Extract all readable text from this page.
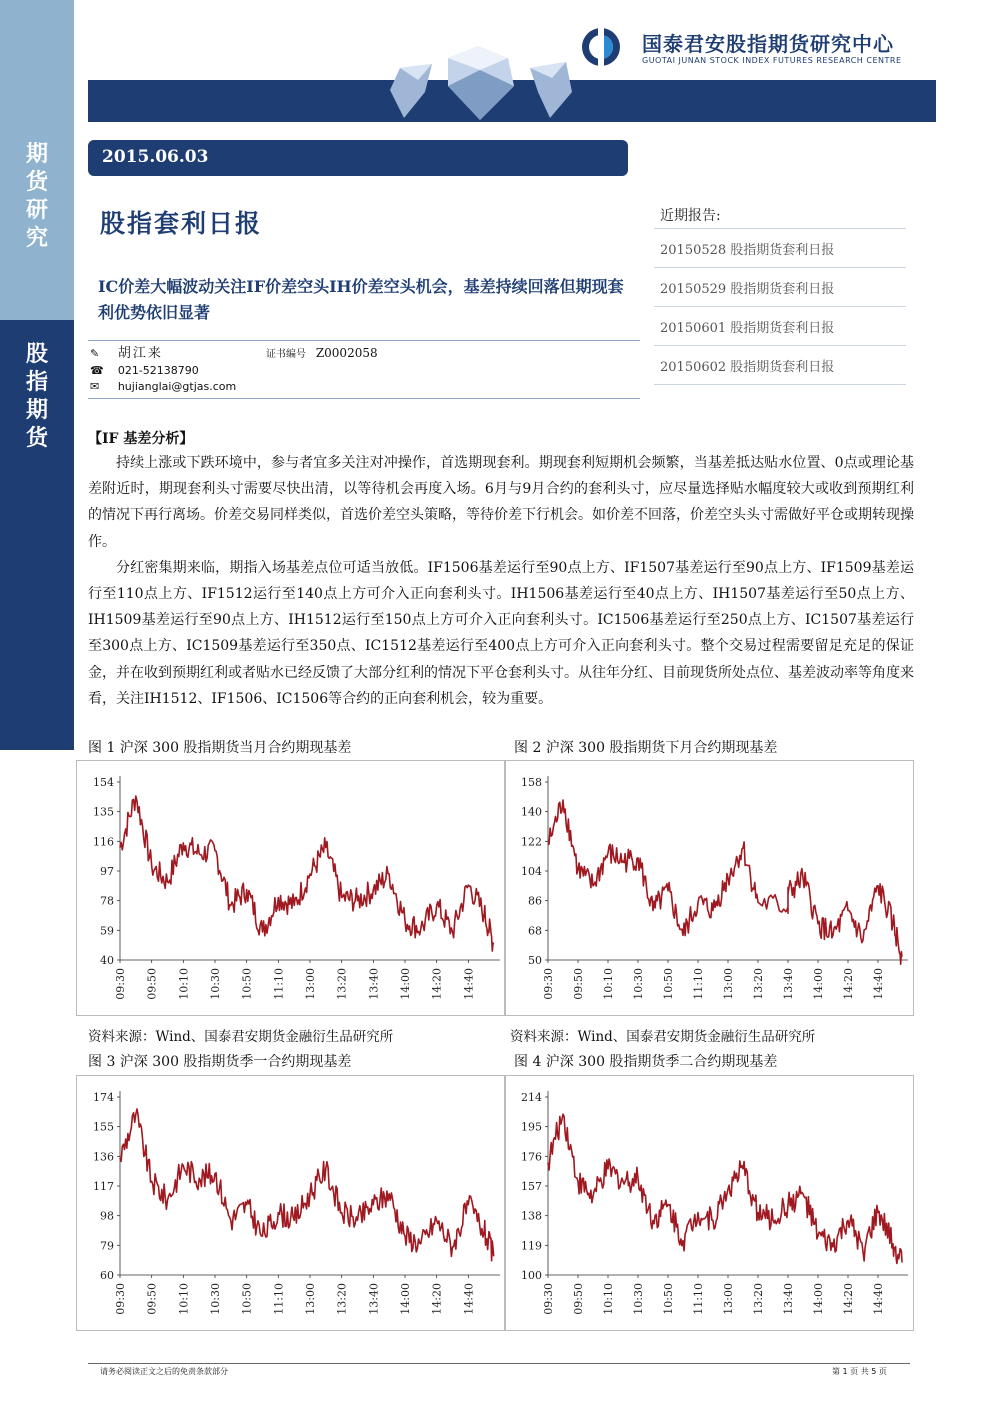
期货研究
股指期货
国泰君安股指期货研究中心
GUOTAI JUNAN STOCK INDEX FUTURES RESEARCH CENTRE
2015.06.03
股指套利日报	近期报告:
20150528 股指期货套利日报
20150529 股指期货套利日报
20150601 股指期货套利日报
20150602 股指期货套利日报
IC价差大幅波动关注IF价差空头IH价差空头机会，基差持续回落但期现套利优势依旧显著
✎ 胡江来	证书编号 Z0002058
☎ 021-52138790
✉ hujianglai@gtjas.com
【IF 基差分析】

持续上涨或下跌环境中，参与者宜多关注对冲操作，首选期现套利。期现套利短期机会频繁，当基差抵达贴水位置、0点或理论基差附近时，期现套利头寸需要尽快出清，以等待机会再度入场。6月与9月合约的套利头寸，应尽量选择贴水幅度较大或收到预期红利的情况下再行离场。价差交易同样类似，首选价差空头策略，等待价差下行机会。如价差不回落，价差空头头寸需做好平仓或期转现操作。

分红密集期来临，期指入场基差点位可适当放低。IF1506基差运行至90点上方、IF1507基差运行至90点上方、IF1509基差运行至110点上方、IF1512运行至140点上方可介入正向套利头寸。IH1506基差运行至40点上方、IH1507基差运行至50点上方、IH1509基差运行至90点上方、IH1512运行至150点上方可介入正向套利头寸。IC1506基差运行至250点上方、IC1507基差运行至300点上方、IC1509基差运行至350点、IC1512基差运行至400点上方可介入正向套利头寸。整个交易过程需要留足充足的保证金，并在收到预期红利或者贴水已经反馈了大部分红利的情况下平仓套利头寸。从往年分红、目前现货所处点位、基差波动率等角度来看，关注IH1512、IF1506、IC1506等合约的正向套利机会，较为重要。

图 1 沪深 300 股指期货当月合约期现基差	图 2 沪深 300 股指期货下月合约期现基差
图 3 沪深 300 股指期货季一合约期现基差	图 4 沪深 300 股指期货季二合约期现基差
154
135
116
97
78
59
40
09:30 09:50 10:10 10:30 10:50 11:10 13:00 13:20 13:40 14:00 14:20 14:40
158
140
122
104
86
68
50
09:30 09:50 10:10 10:30 10:50 11:10 13:00 13:20 13:40 14:00 14:20 14:40
174
155
136
117
98
79
60
09:30 09:50 10:10 10:30 10:50 11:10 13:00 13:20 13:40 14:00 14:20 14:40
214
195
176
157
138
119
100
09:30 09:50 10:10 10:30 10:50 11:10 13:00 13:20 13:40 14:00 14:20 14:40
资料来源：Wind、国泰君安期货金融衍生品研究所	资料来源：Wind、国泰君安期货金融衍生品研究所
请务必阅读正文之后的免责条款部分	第 1 页 共 5 页
